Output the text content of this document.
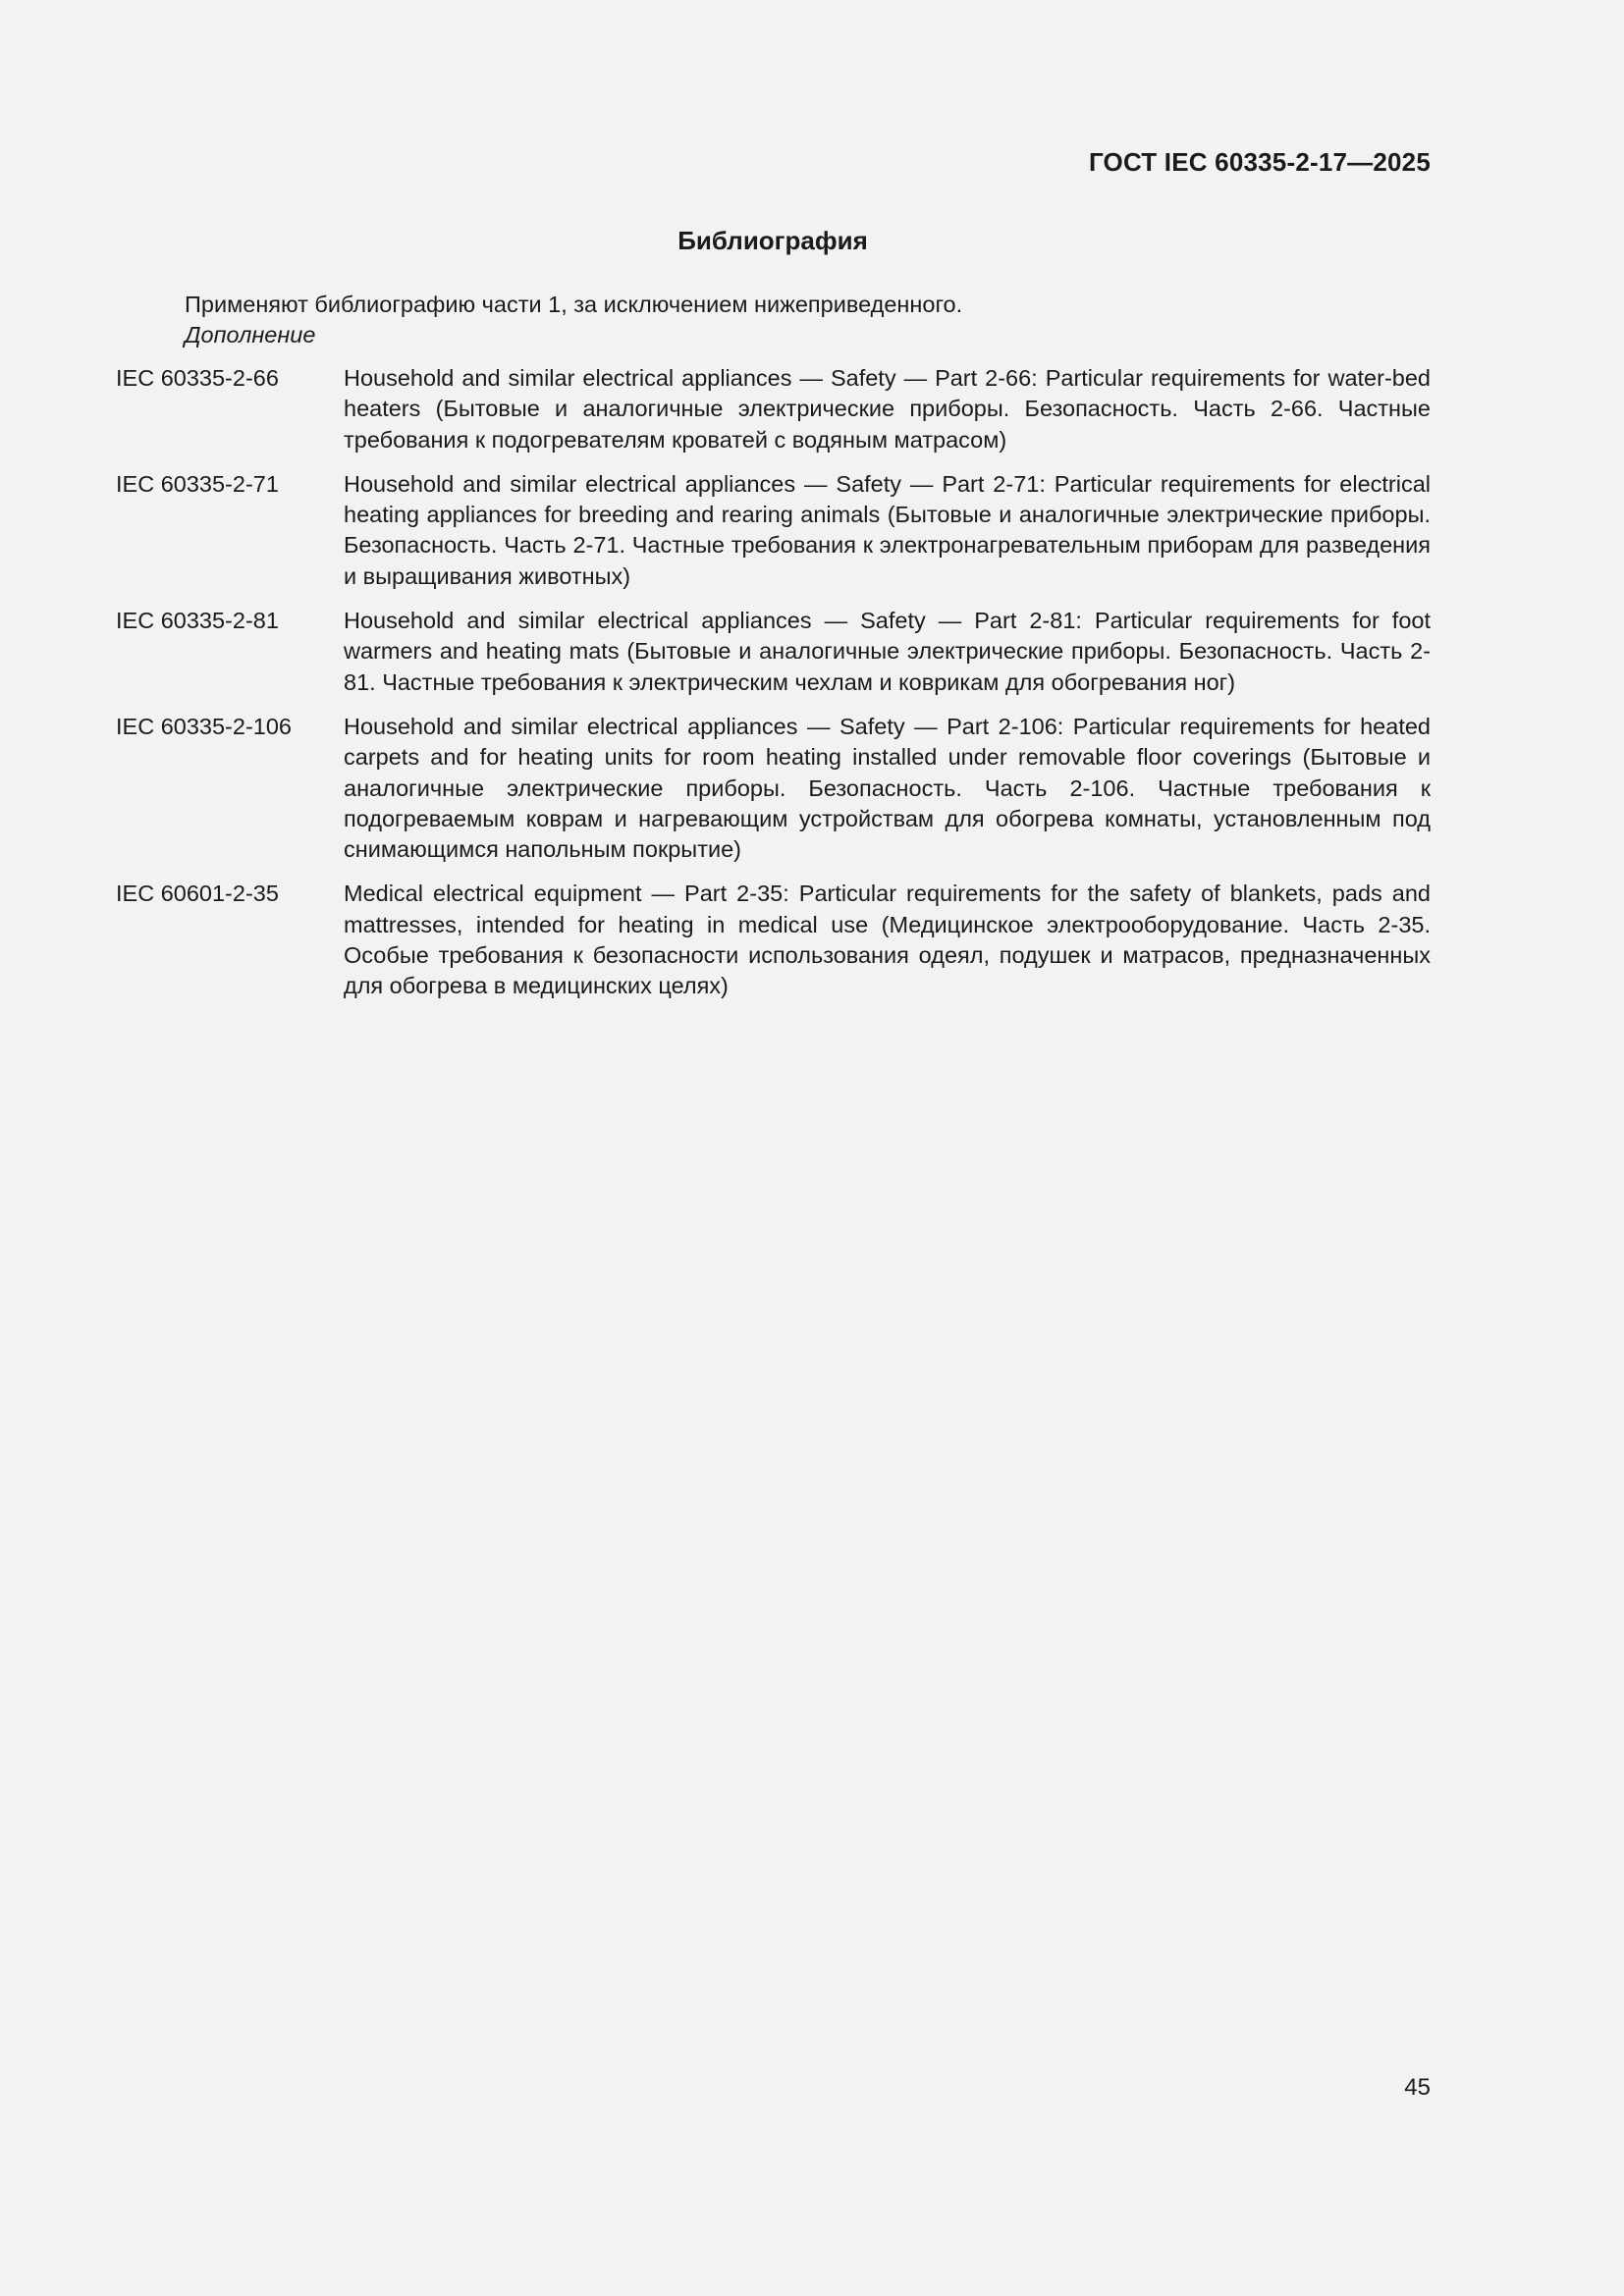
ГОСТ IEC 60335-2-17—2025
Библиография
Применяют библиографию части 1, за исключением нижеприведенного.
Дополнение
IEC 60335-2-66	Household and similar electrical appliances — Safety — Part 2-66: Particular requirements for water-bed heaters (Бытовые и аналогичные электрические приборы. Безопасность. Часть 2-66. Частные требования к подогревателям кроватей с водяным матрасом)
IEC 60335-2-71	Household and similar electrical appliances — Safety — Part 2-71: Particular requirements for electrical heating appliances for breeding and rearing animals (Бытовые и аналогичные электрические приборы. Безопасность. Часть 2-71. Частные требования к электронагревательным приборам для разведения и выращивания животных)
IEC 60335-2-81	Household and similar electrical appliances — Safety — Part 2-81: Particular requirements for foot warmers and heating mats (Бытовые и аналогичные электрические приборы. Безопасность. Часть 2-81. Частные требования к электрическим чехлам и коврикам для обогревания ног)
IEC 60335-2-106	Household and similar electrical appliances — Safety — Part 2-106: Particular requirements for heated carpets and for heating units for room heating installed under removable floor coverings (Бытовые и аналогичные электрические приборы. Безопасность. Часть 2-106. Частные требования к подогреваемым коврам и нагревающим устройствам для обогрева комнаты, установленным под снимающимся напольным покрытие)
IEC 60601-2-35	Medical electrical equipment — Part 2-35: Particular requirements for the safety of blankets, pads and mattresses, intended for heating in medical use (Медицинское электрооборудование. Часть 2-35. Особые требования к безопасности использования одеял, подушек и матрасов, предназначенных для обогрева в медицинских целях)
45
